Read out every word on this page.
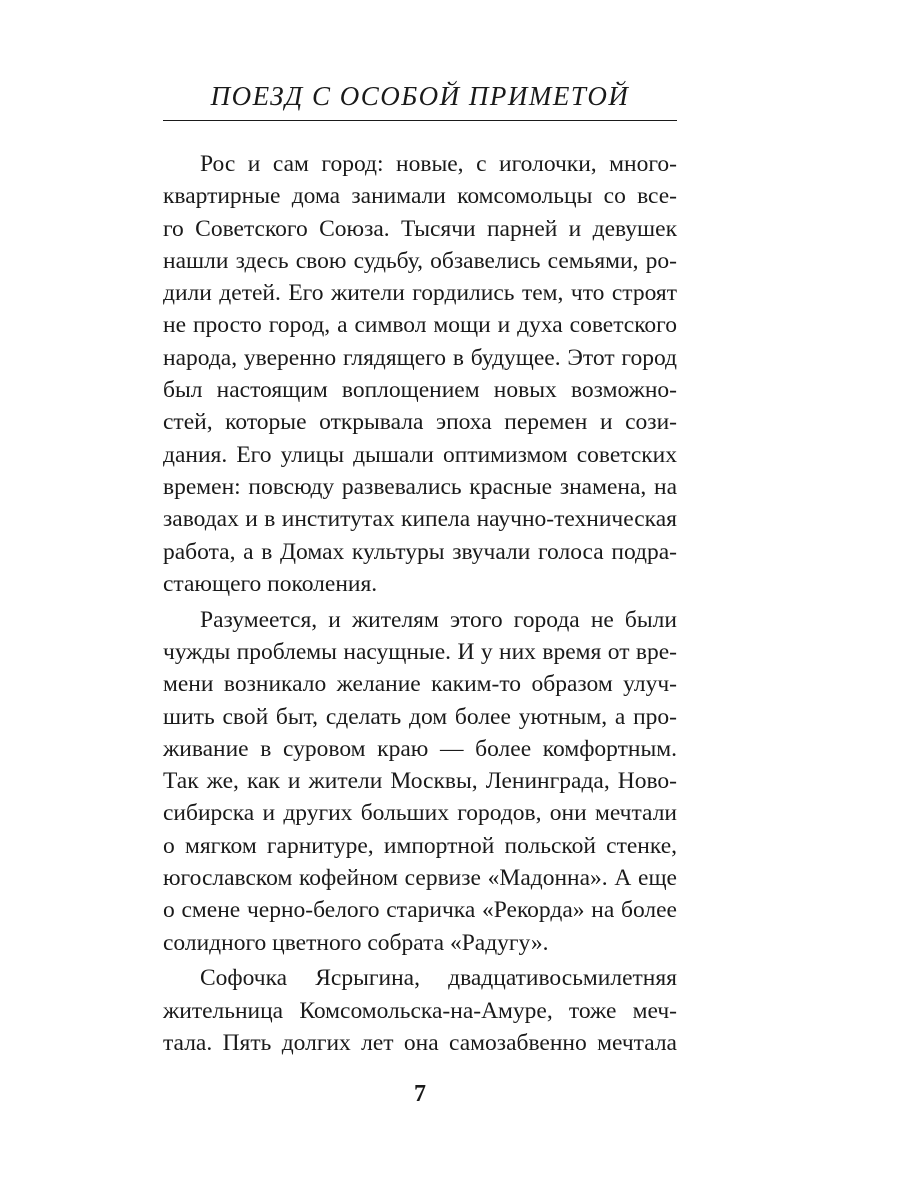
ПОЕЗД С ОСОБОЙ ПРИМЕТОЙ
Рос и сам город: новые, с иголочки, много-
квартирные дома занимали комсомольцы со все-
го Советского Союза. Тысячи парней и девушек
нашли здесь свою судьбу, обзавелись семьями, ро-
дили детей. Его жители гордились тем, что строят
не просто город, а символ мощи и духа советского
народа, уверенно глядящего в будущее. Этот город
был настоящим воплощением новых возможно-
стей, которые открывала эпоха перемен и сози-
дания. Его улицы дышали оптимизмом советских
времен: повсюду развевались красные знамена, на
заводах и в институтах кипела научно-техническая
работа, а в Домах культуры звучали голоса подра-
стающего поколения.
Разумеется, и жителям этого города не были
чужды проблемы насущные. И у них время от вре-
мени возникало желание каким-то образом улуч-
шить свой быт, сделать дом более уютным, а про-
живание в суровом краю — более комфортным.
Так же, как и жители Москвы, Ленинграда, Ново-
сибирска и других больших городов, они мечтали
о мягком гарнитуре, импортной польской стенке,
югославском кофейном сервизе «Мадонна». А еще
о смене черно-белого старичка «Рекорда» на более
солидного цветного собрата «Радугу».
Софочка Ясрыгина, двадцативосьмилетняя
жительница Комсомольска-на-Амуре, тоже меч-
тала. Пять долгих лет она самозабвенно мечтала
7
